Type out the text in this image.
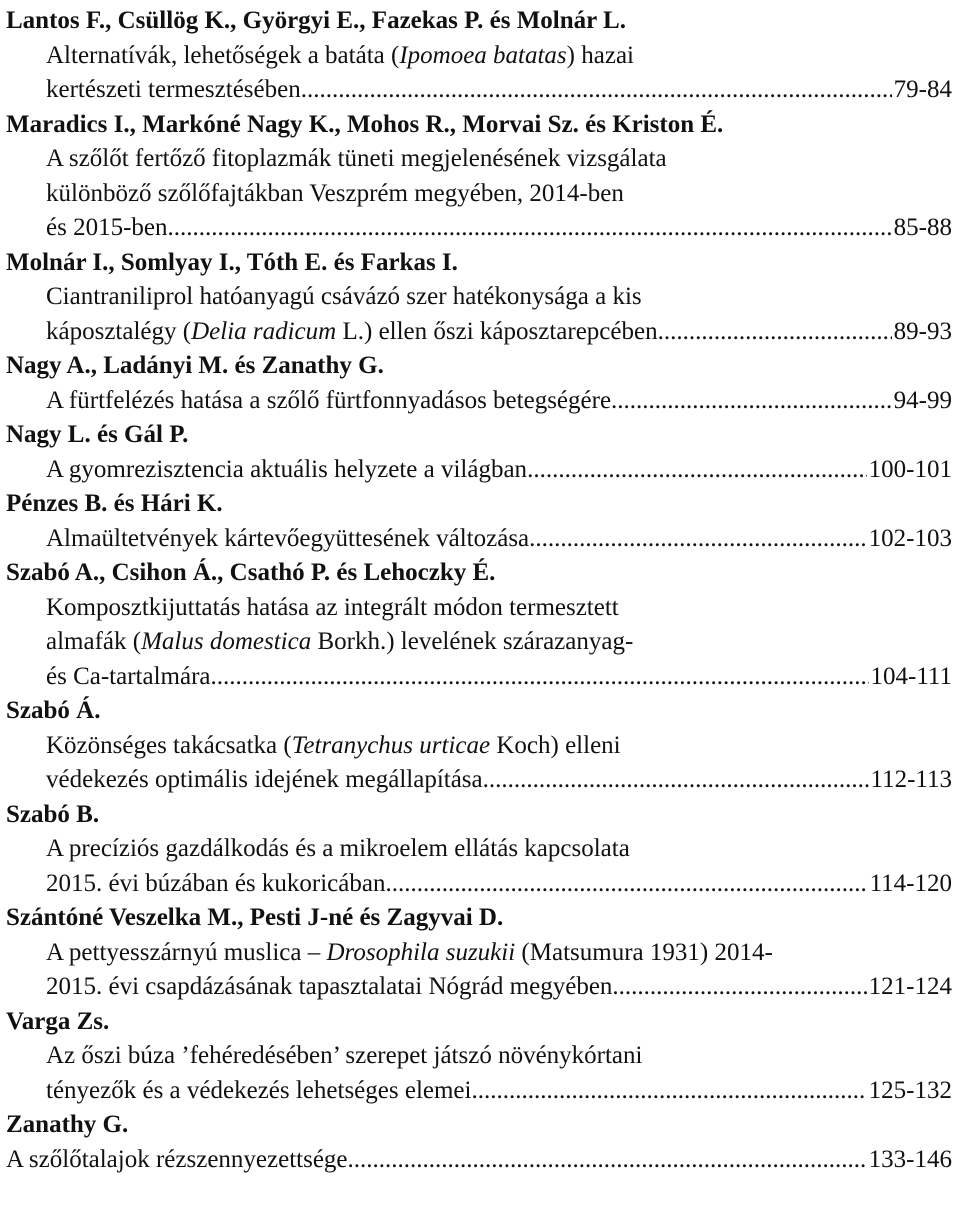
Lantos F., Csüllög K., Györgyi E., Fazekas P. és Molnár L.
Alternatívák, lehetőségek a batáta (Ipomoea batatas) hazai
kertészeti termesztésében .....	79-84
Maradics I., Markóné Nagy K., Mohos R., Morvai Sz. és Kriston É.
A szőlőt fertőző fitoplazmák tüneti megjelenésének vizsgálata
különböző szőlőfajtákban Veszprém megyében, 2014-ben
és 2015-ben .....	85-88
Molnár I., Somlyay I., Tóth E. és Farkas I.
Ciantraniliprol hatóanyagú csávázó szer hatékonysága a kis
káposztalégy (Delia radicum L.) ellen őszi káposztarepcében .....	89-93
Nagy A., Ladányi M. és Zanathy G.
A fürtfelézés hatása a szőlő fürtfonnyadásos betegségére .....	94-99
Nagy L. és Gál P.
A gyomrezisztencia aktuális helyzete a világban .....	100-101
Pénzes B. és Hári K.
Almaültetvények kártevőegyüttesének változása .....	102-103
Szabó A., Csihon Á., Csathó P. és Lehoczky É.
Komposztkijuttatás hatása az integrált módon termesztett
almafák (Malus domestica Borkh.) levelének szárazanyag-
és Ca-tartalmára .....	104-111
Szabó Á.
Közönséges takácsatka (Tetranychus urticae Koch) elleni
védekezés optimális idejének megállapítása .....	112-113
Szabó B.
A precíziós gazdálkodás és a mikroelem ellátás kapcsolata
2015. évi búzában és kukoricában .....	114-120
Szántóné Veszelka M., Pesti J-né és Zagyvai D.
A pettyesszárnyú muslica – Drosophila suzukii (Matsumura 1931) 2014-
2015. évi csapdázásának tapasztalatai Nógrád megyében .....	121-124
Varga Zs.
Az őszi búza ’fehéredésében’ szerepet játszó növénykórtani
tényezők és a védekezés lehetséges elemei .....	125-132
Zanathy G.
A szőlőtalajok rézszennyezettsége .....	133-146
